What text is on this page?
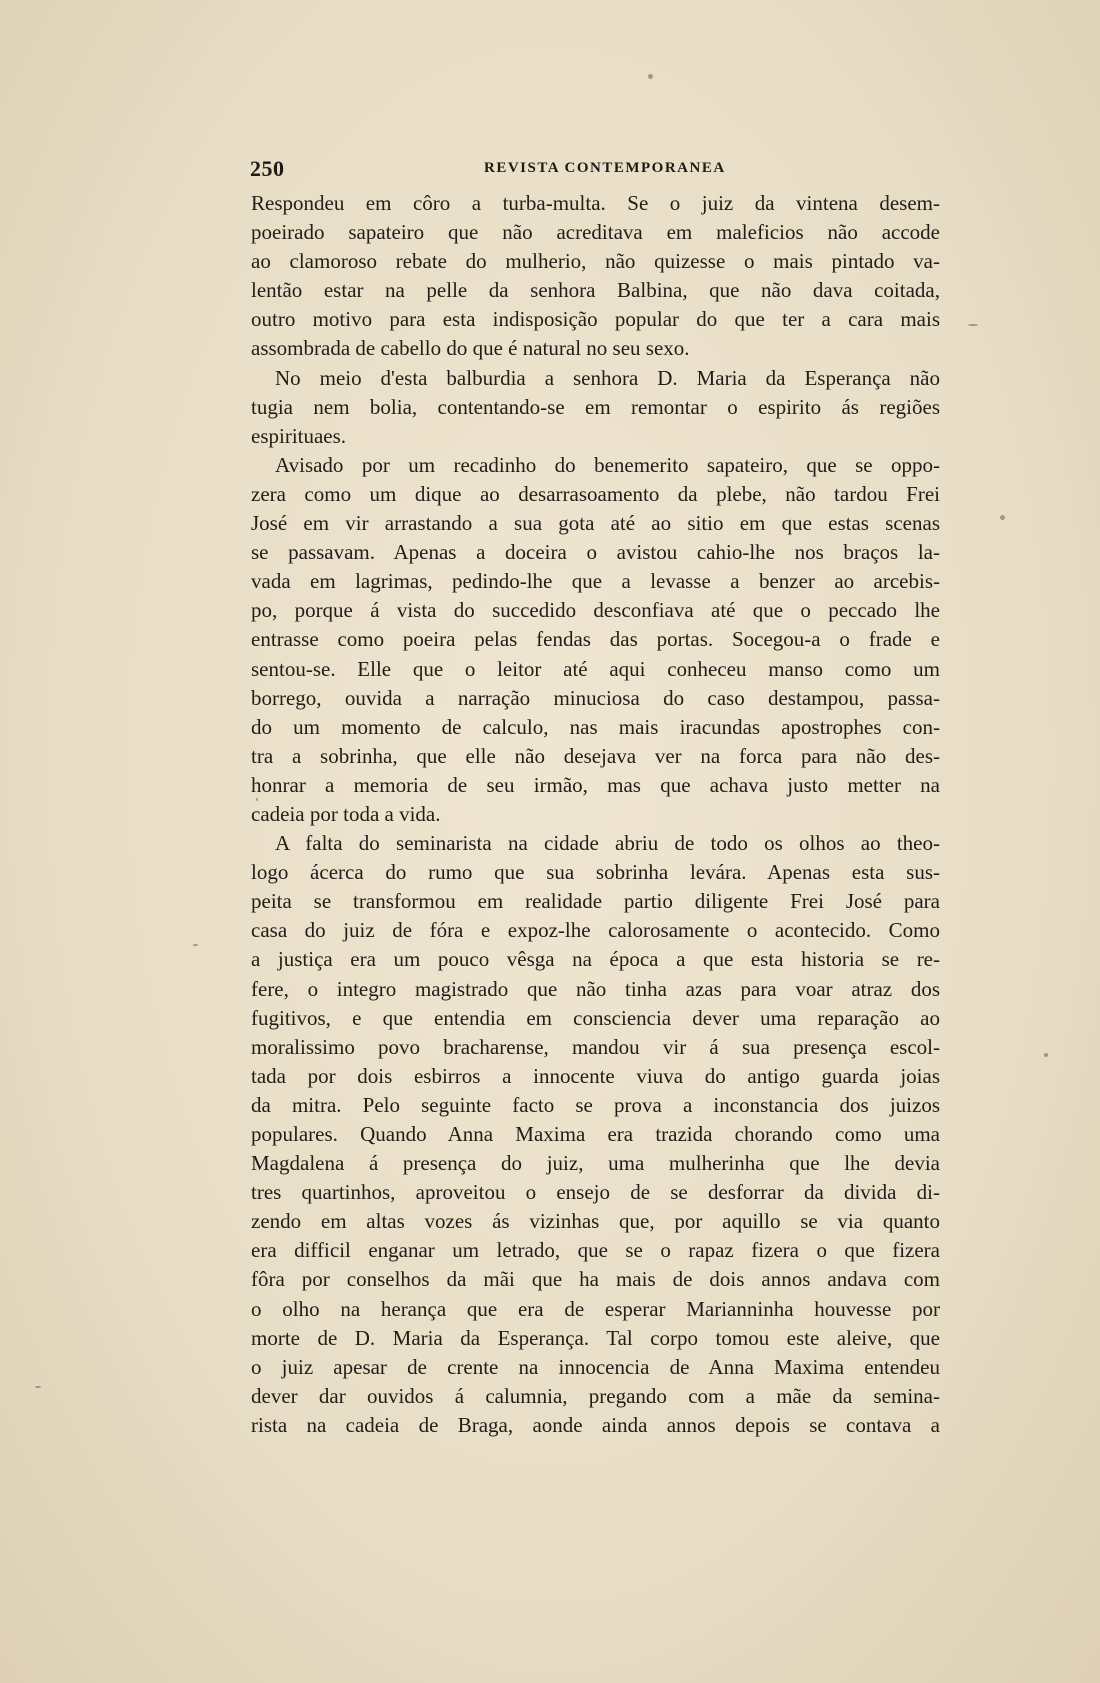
250	REVISTA CONTEMPORANEA
Respondeu em côro a turba-multa. Se o juiz da vintena desem-
poeirado sapateiro que não acreditava em maleficios não accode
ao clamoroso rebate do mulherio, não quizesse o mais pintado va-
lentão estar na pelle da senhora Balbina, que não dava coitada,
outro motivo para esta indisposição popular do que ter a cara mais
assombrada de cabello do que é natural no seu sexo.
No meio d'esta balburdia a senhora D. Maria da Esperança não
tugia nem bolia, contentando-se em remontar o espirito ás regiões
espirituaes.
Avisado por um recadinho do benemerito sapateiro, que se oppo-
zera como um dique ao desarrasoamento da plebe, não tardou Frei
José em vir arrastando a sua gota até ao sitio em que estas scenas
se passavam. Apenas a doceira o avistou cahio-lhe nos braços la-
vada em lagrimas, pedindo-lhe que a levasse a benzer ao arcebis-
po, porque á vista do succedido desconfiava até que o peccado lhe
entrasse como poeira pelas fendas das portas. Socegou-a o frade e
sentou-se. Elle que o leitor até aqui conheceu manso como um
borrego, ouvida a narração minuciosa do caso destampou, passa-
do um momento de calculo, nas mais iracundas apostrophes con-
tra a sobrinha, que elle não desejava ver na forca para não des-
honrar a memoria de seu irmão, mas que achava justo metter na
cadeia por toda a vida.
A falta do seminarista na cidade abriu de todo os olhos ao theo-
logo ácerca do rumo que sua sobrinha levára. Apenas esta sus-
peita se transformou em realidade partio diligente Frei José para
casa do juiz de fóra e expoz-lhe calorosamente o acontecido. Como
a justiça era um pouco vêsga na época a que esta historia se re-
fere, o integro magistrado que não tinha azas para voar atraz dos
fugitivos, e que entendia em consciencia dever uma reparação ao
moralissimo povo bracharense, mandou vir á sua presença escol-
tada por dois esbirros a innocente viuva do antigo guarda joias
da mitra. Pelo seguinte facto se prova a inconstancia dos juizos
populares. Quando Anna Maxima era trazida chorando como uma
Magdalena á presença do juiz, uma mulherinha que lhe devia
tres quartinhos, aproveitou o ensejo de se desforrar da divida di-
zendo em altas vozes ás vizinhas que, por aquillo se via quanto
era difficil enganar um letrado, que se o rapaz fizera o que fizera
fôra por conselhos da mãi que ha mais de dois annos andava com
o olho na herança que era de esperar Marianninha houvesse por
morte de D. Maria da Esperança. Tal corpo tomou este aleive, que
o juiz apesar de crente na innocencia de Anna Maxima entendeu
dever dar ouvidos á calumnia, pregando com a mãe da semina-
rista na cadeia de Braga, aonde ainda annos depois se contava a
